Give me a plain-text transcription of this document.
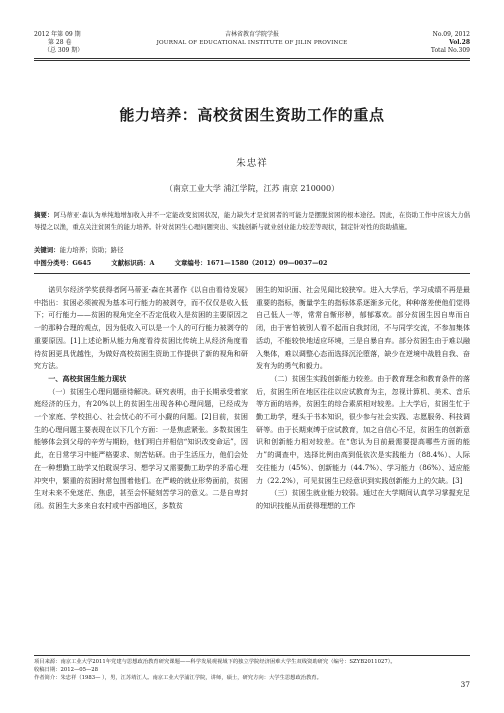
2012 年第 09 期
第 28 卷
（总 309 期）
吉林省教育学院学报
JOURNAL OF EDUCATIONAL INSTITUTE OF JILIN PROVINCE
No.09, 2012
Vol.28
Total No.309
能力培养：高校贫困生资助工作的重点
朱忠祥
（南京工业大学 浦江学院，江苏 南京 210000）
摘要：阿马蒂亚·森认为单纯地增加收入并不一定能改变贫困状况，能力缺失才是贫困者的可能力是摆脱贫困的根本途径。因此，在资助工作中应该大力倡导提之以渔，重点关注贫困生的能力培养。针对贫困生心理问题突出、实践创新与就业创业能力较差等现状，制定针对性的资助措施。
关键词：能力培养；资助；路径
中图分类号：G645	文献标识码：A	文章编号：1671—1580（2012）09—0037—02

诺贝尔经济学奖获得者阿马蒂亚·森在其著作《以自由看待发展》中指出：贫困必须被视为基本可行能力的被剥夺，而不仅仅是收入低下；可行能力——贫困的视角完全不否定低收入是贫困的主要原因之一的那种合理的观点，因为低收入可以是一个人的可行能力被剥夺的重要原因。[1]上述论断从能力角度看待贫困比传统上从经济角度看待贫困更具优越性，为做好高校贫困生资助工作提供了新的视角和研究方法。

一、高校贫困生能力现状

（一）贫困生心理问题亟待解决。研究表明，由于长期承受着家庭经济的压力，有20%以上的贫困生出现各种心理问题，已经成为一个家庭、学校担心、社会忧心的不可小觑的问题。[2]目前，贫困生的心理问题主要表现在以下几个方面：一是焦虑紧张。多数贫困生能够体会到父母的辛劳与期盼，他们明白并相信“知识改变命运”，因此，在日常学习中能严格要求、刻苦钻研。由于生活压力，他们会处在一种想勤工助学又怕耽误学习、想学习又需要勤工助学的矛盾心理冲突中，繁重的贫困时常包围着他们。在严峻的就业形势面前，贫困生对未来不免迷茫、焦虑，甚至会怀疑刻苦学习的意义。二是自卑封闭。贫困生大多来自农村或中西部地区，多数贫

困生的知识面、社会见闻比较狭窄。进入大学后，学习成绩不再是最重要的指标，衡量学生的指标体系逐渐多元化，种种落差使他们觉得自己低人一等，常常自惭形秽，郁郁寡欢。部分贫困生因自卑而自闭，由于害怕被别人看不起而自我封闭，不与同学交流，不参加集体活动，不能较快地适应环境，三是自暴自弃。部分贫困生由于难以融入集体，难以调整心态而选择沉沦堕落，缺少在逆境中战胜自我、奋发有为的勇气和毅力。

（二）贫困生实践创新能力较差。由于教育理念和教育条件的落后，贫困生所在地区往往以应试教育为主，忽视计算机、美术、音乐等方面的培养，贫困生的综合素质相对较差。上大学后，贫困生忙于勤工助学，埋头于书本知识，很少参与社会实践、志愿服务、科技调研等。由于长期束缚于应试教育，加之自信心不足，贫困生的创新意识和创新能力相对较差。在“您认为目前最需要提高哪些方面的能力”的调查中，选择比例由高到低依次是实践能力（88.4%）、人际交往能力（45%）、创新能力（44.7%）、学习能力（86%）、适应能力（22.2%），可见贫困生已经意识到实践创新能力上的欠缺。[3]

（三）贫困生就业能力较弱。通过在大学期间认真学习掌握充足的知识技能从而获得理想的工作

项目来源：南京工业大学2011年党建与思想政治教育研究课题——科学发展观视域下的独立学院经济困难大学生双线资助研究（编号：SZYB2011027）。
收稿日期：2012—05—28
作者简介：朱忠祥（1983— ），男，江苏靖江人。南京工业大学浦江学院，讲师，硕士，研究方向：大学生思想政治教育。
37
